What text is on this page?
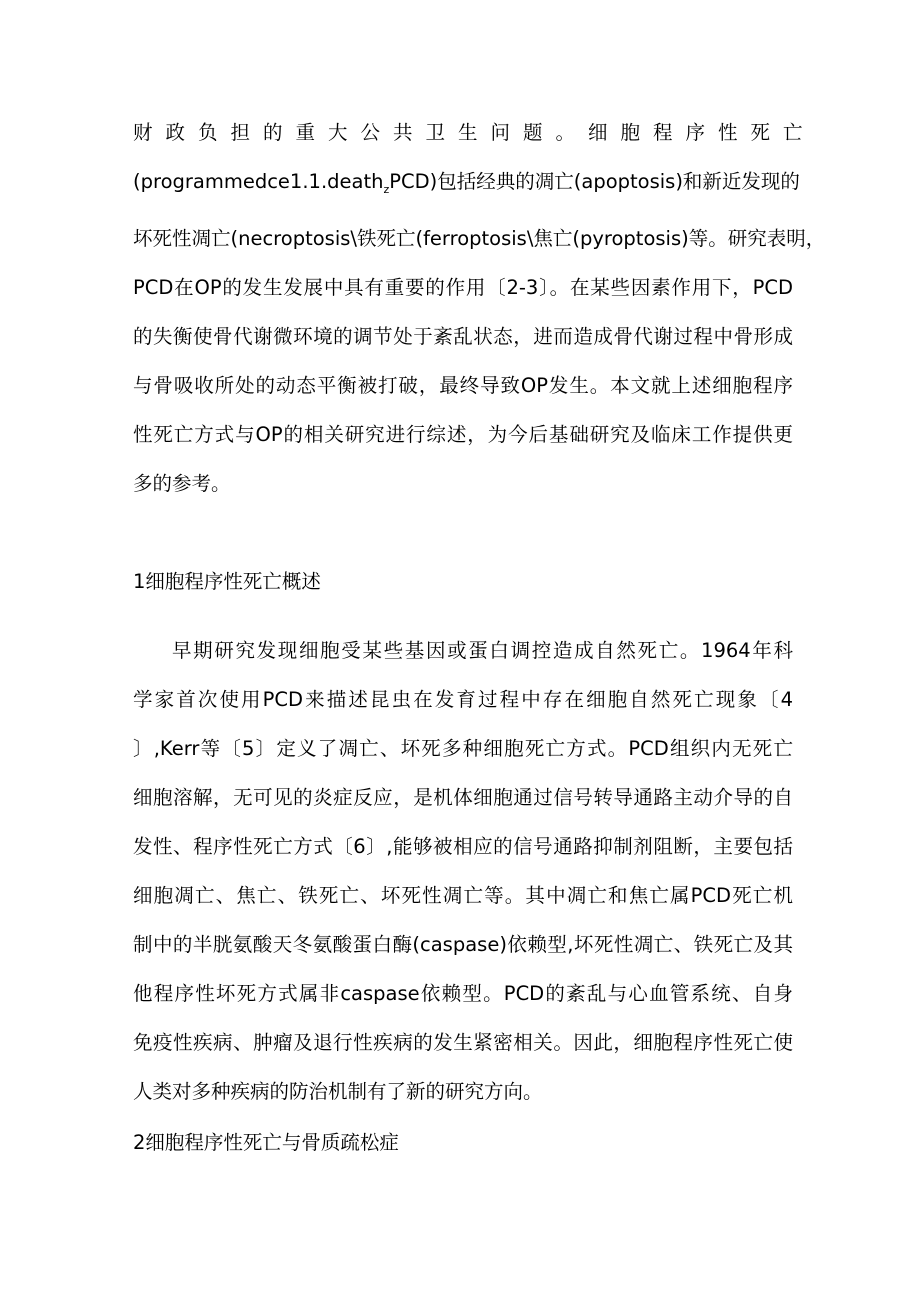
财政负担的重大公共卫生问题。细胞程序性死亡
(programmedce1.1.death$_z$PCD)包括经典的凋亡(apoptosis)和新近发现的
坏死性凋亡(necroptosis\铁死亡(ferroptosis\焦亡(pyroptosis)等。研究表明，
PCD在OP的发生发展中具有重要的作用〔2-3〕。在某些因素作用下，PCD
的失衡使骨代谢微环境的调节处于紊乱状态，进而造成骨代谢过程中骨形成
与骨吸收所处的动态平衡被打破，最终导致OP发生。本文就上述细胞程序
性死亡方式与OP的相关研究进行综述，为今后基础研究及临床工作提供更
多的参考。

1细胞程序性死亡概述

早期研究发现细胞受某些基因或蛋白调控造成自然死亡。1964年科
学家首次使用PCD来描述昆虫在发育过程中存在细胞自然死亡现象〔4
〕,Kerr等〔5〕定义了凋亡、坏死多种细胞死亡方式。PCD组织内无死亡
细胞溶解，无可见的炎症反应，是机体细胞通过信号转导通路主动介导的自
发性、程序性死亡方式〔6〕,能够被相应的信号通路抑制剂阻断，主要包括
细胞凋亡、焦亡、铁死亡、坏死性凋亡等。其中凋亡和焦亡属PCD死亡机
制中的半胱氨酸天冬氨酸蛋白酶(caspase)依赖型,坏死性凋亡、铁死亡及其
他程序性坏死方式属非caspase依赖型。PCD的紊乱与心血管系统、自身
免疫性疾病、肿瘤及退行性疾病的发生紧密相关。因此，细胞程序性死亡使
人类对多种疾病的防治机制有了新的研究方向。

2细胞程序性死亡与骨质疏松症
